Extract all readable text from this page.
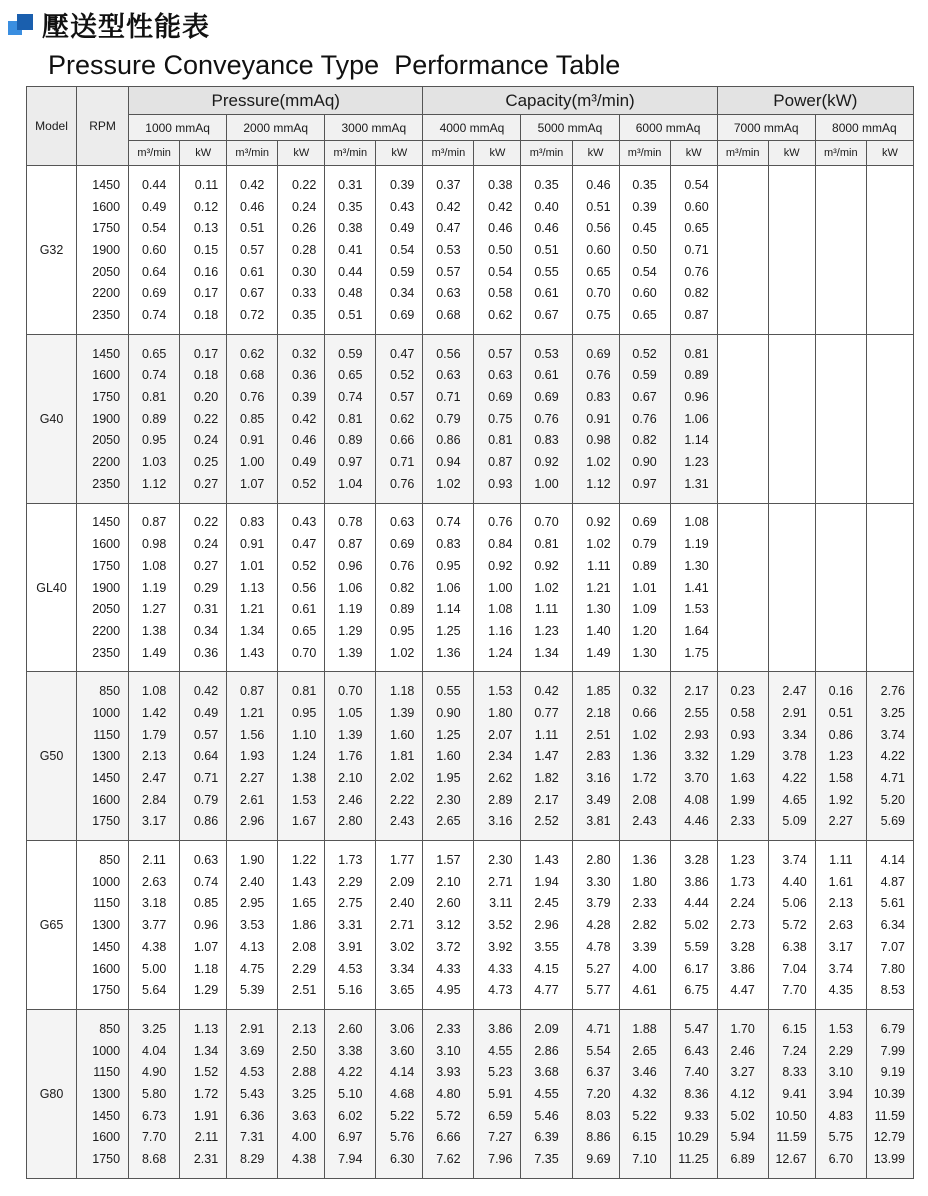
壓送型性能表
Pressure Conveyance Type  Performance Table
Model	RPM	Pressure(mmAq)						Capacity(m³/min)						Power(kW)			
		1000 mmAq		2000 mmAq		3000 mmAq		4000 mmAq		5000 mmAq		6000 mmAq		7000 mmAq		8000 mmAq	
		m³/min	kW	m³/min	kW	m³/min	kW	m³/min	kW	m³/min	kW	m³/min	kW	m³/min	kW	m³/min	kW
G32																	
	1450	0.44	0.11	0.42	0.22	0.31	0.39	0.37	0.38	0.35	0.46	0.35	0.54				
	1600	0.49	0.12	0.46	0.24	0.35	0.43	0.42	0.42	0.40	0.51	0.39	0.60				
	1750	0.54	0.13	0.51	0.26	0.38	0.49	0.47	0.46	0.46	0.56	0.45	0.65				
	1900	0.60	0.15	0.57	0.28	0.41	0.54	0.53	0.50	0.51	0.60	0.50	0.71				
	2050	0.64	0.16	0.61	0.30	0.44	0.59	0.57	0.54	0.55	0.65	0.54	0.76				
	2200	0.69	0.17	0.67	0.33	0.48	0.34	0.63	0.58	0.61	0.70	0.60	0.82				
	2350	0.74	0.18	0.72	0.35	0.51	0.69	0.68	0.62	0.67	0.75	0.65	0.87				

G40																	
	1450	0.65	0.17	0.62	0.32	0.59	0.47	0.56	0.57	0.53	0.69	0.52	0.81				
	1600	0.74	0.18	0.68	0.36	0.65	0.52	0.63	0.63	0.61	0.76	0.59	0.89				
	1750	0.81	0.20	0.76	0.39	0.74	0.57	0.71	0.69	0.69	0.83	0.67	0.96				
	1900	0.89	0.22	0.85	0.42	0.81	0.62	0.79	0.75	0.76	0.91	0.76	1.06				
	2050	0.95	0.24	0.91	0.46	0.89	0.66	0.86	0.81	0.83	0.98	0.82	1.14				
	2200	1.03	0.25	1.00	0.49	0.97	0.71	0.94	0.87	0.92	1.02	0.90	1.23				
	2350	1.12	0.27	1.07	0.52	1.04	0.76	1.02	0.93	1.00	1.12	0.97	1.31				

GL40																	
	1450	0.87	0.22	0.83	0.43	0.78	0.63	0.74	0.76	0.70	0.92	0.69	1.08				
	1600	0.98	0.24	0.91	0.47	0.87	0.69	0.83	0.84	0.81	1.02	0.79	1.19				
	1750	1.08	0.27	1.01	0.52	0.96	0.76	0.95	0.92	0.92	1.11	0.89	1.30				
	1900	1.19	0.29	1.13	0.56	1.06	0.82	1.06	1.00	1.02	1.21	1.01	1.41				
	2050	1.27	0.31	1.21	0.61	1.19	0.89	1.14	1.08	1.11	1.30	1.09	1.53				
	2200	1.38	0.34	1.34	0.65	1.29	0.95	1.25	1.16	1.23	1.40	1.20	1.64				
	2350	1.49	0.36	1.43	0.70	1.39	1.02	1.36	1.24	1.34	1.49	1.30	1.75				

G50																	
	850	1.08	0.42	0.87	0.81	0.70	1.18	0.55	1.53	0.42	1.85	0.32	2.17	0.23	2.47	0.16	2.76
	1000	1.42	0.49	1.21	0.95	1.05	1.39	0.90	1.80	0.77	2.18	0.66	2.55	0.58	2.91	0.51	3.25
	1150	1.79	0.57	1.56	1.10	1.39	1.60	1.25	2.07	1.11	2.51	1.02	2.93	0.93	3.34	0.86	3.74
	1300	2.13	0.64	1.93	1.24	1.76	1.81	1.60	2.34	1.47	2.83	1.36	3.32	1.29	3.78	1.23	4.22
	1450	2.47	0.71	2.27	1.38	2.10	2.02	1.95	2.62	1.82	3.16	1.72	3.70	1.63	4.22	1.58	4.71
	1600	2.84	0.79	2.61	1.53	2.46	2.22	2.30	2.89	2.17	3.49	2.08	4.08	1.99	4.65	1.92	5.20
	1750	3.17	0.86	2.96	1.67	2.80	2.43	2.65	3.16	2.52	3.81	2.43	4.46	2.33	5.09	2.27	5.69

G65																	
	850	2.11	0.63	1.90	1.22	1.73	1.77	1.57	2.30	1.43	2.80	1.36	3.28	1.23	3.74	1.11	4.14
	1000	2.63	0.74	2.40	1.43	2.29	2.09	2.10	2.71	1.94	3.30	1.80	3.86	1.73	4.40	1.61	4.87
	1150	3.18	0.85	2.95	1.65	2.75	2.40	2.60	3.11	2.45	3.79	2.33	4.44	2.24	5.06	2.13	5.61
	1300	3.77	0.96	3.53	1.86	3.31	2.71	3.12	3.52	2.96	4.28	2.82	5.02	2.73	5.72	2.63	6.34
	1450	4.38	1.07	4.13	2.08	3.91	3.02	3.72	3.92	3.55	4.78	3.39	5.59	3.28	6.38	3.17	7.07
	1600	5.00	1.18	4.75	2.29	4.53	3.34	4.33	4.33	4.15	5.27	4.00	6.17	3.86	7.04	3.74	7.80
	1750	5.64	1.29	5.39	2.51	5.16	3.65	4.95	4.73	4.77	5.77	4.61	6.75	4.47	7.70	4.35	8.53

G80																	
	850	3.25	1.13	2.91	2.13	2.60	3.06	2.33	3.86	2.09	4.71	1.88	5.47	1.70	6.15	1.53	6.79
	1000	4.04	1.34	3.69	2.50	3.38	3.60	3.10	4.55	2.86	5.54	2.65	6.43	2.46	7.24	2.29	7.99
	1150	4.90	1.52	4.53	2.88	4.22	4.14	3.93	5.23	3.68	6.37	3.46	7.40	3.27	8.33	3.10	9.19
	1300	5.80	1.72	5.43	3.25	5.10	4.68	4.80	5.91	4.55	7.20	4.32	8.36	4.12	9.41	3.94	10.39
	1450	6.73	1.91	6.36	3.63	6.02	5.22	5.72	6.59	5.46	8.03	5.22	9.33	5.02	10.50	4.83	11.59
	1600	7.70	2.11	7.31	4.00	6.97	5.76	6.66	7.27	6.39	8.86	6.15	10.29	5.94	11.59	5.75	12.79
	1750	8.68	2.31	8.29	4.38	7.94	6.30	7.62	7.96	7.35	9.69	7.10	11.25	6.89	12.67	6.70	13.99
